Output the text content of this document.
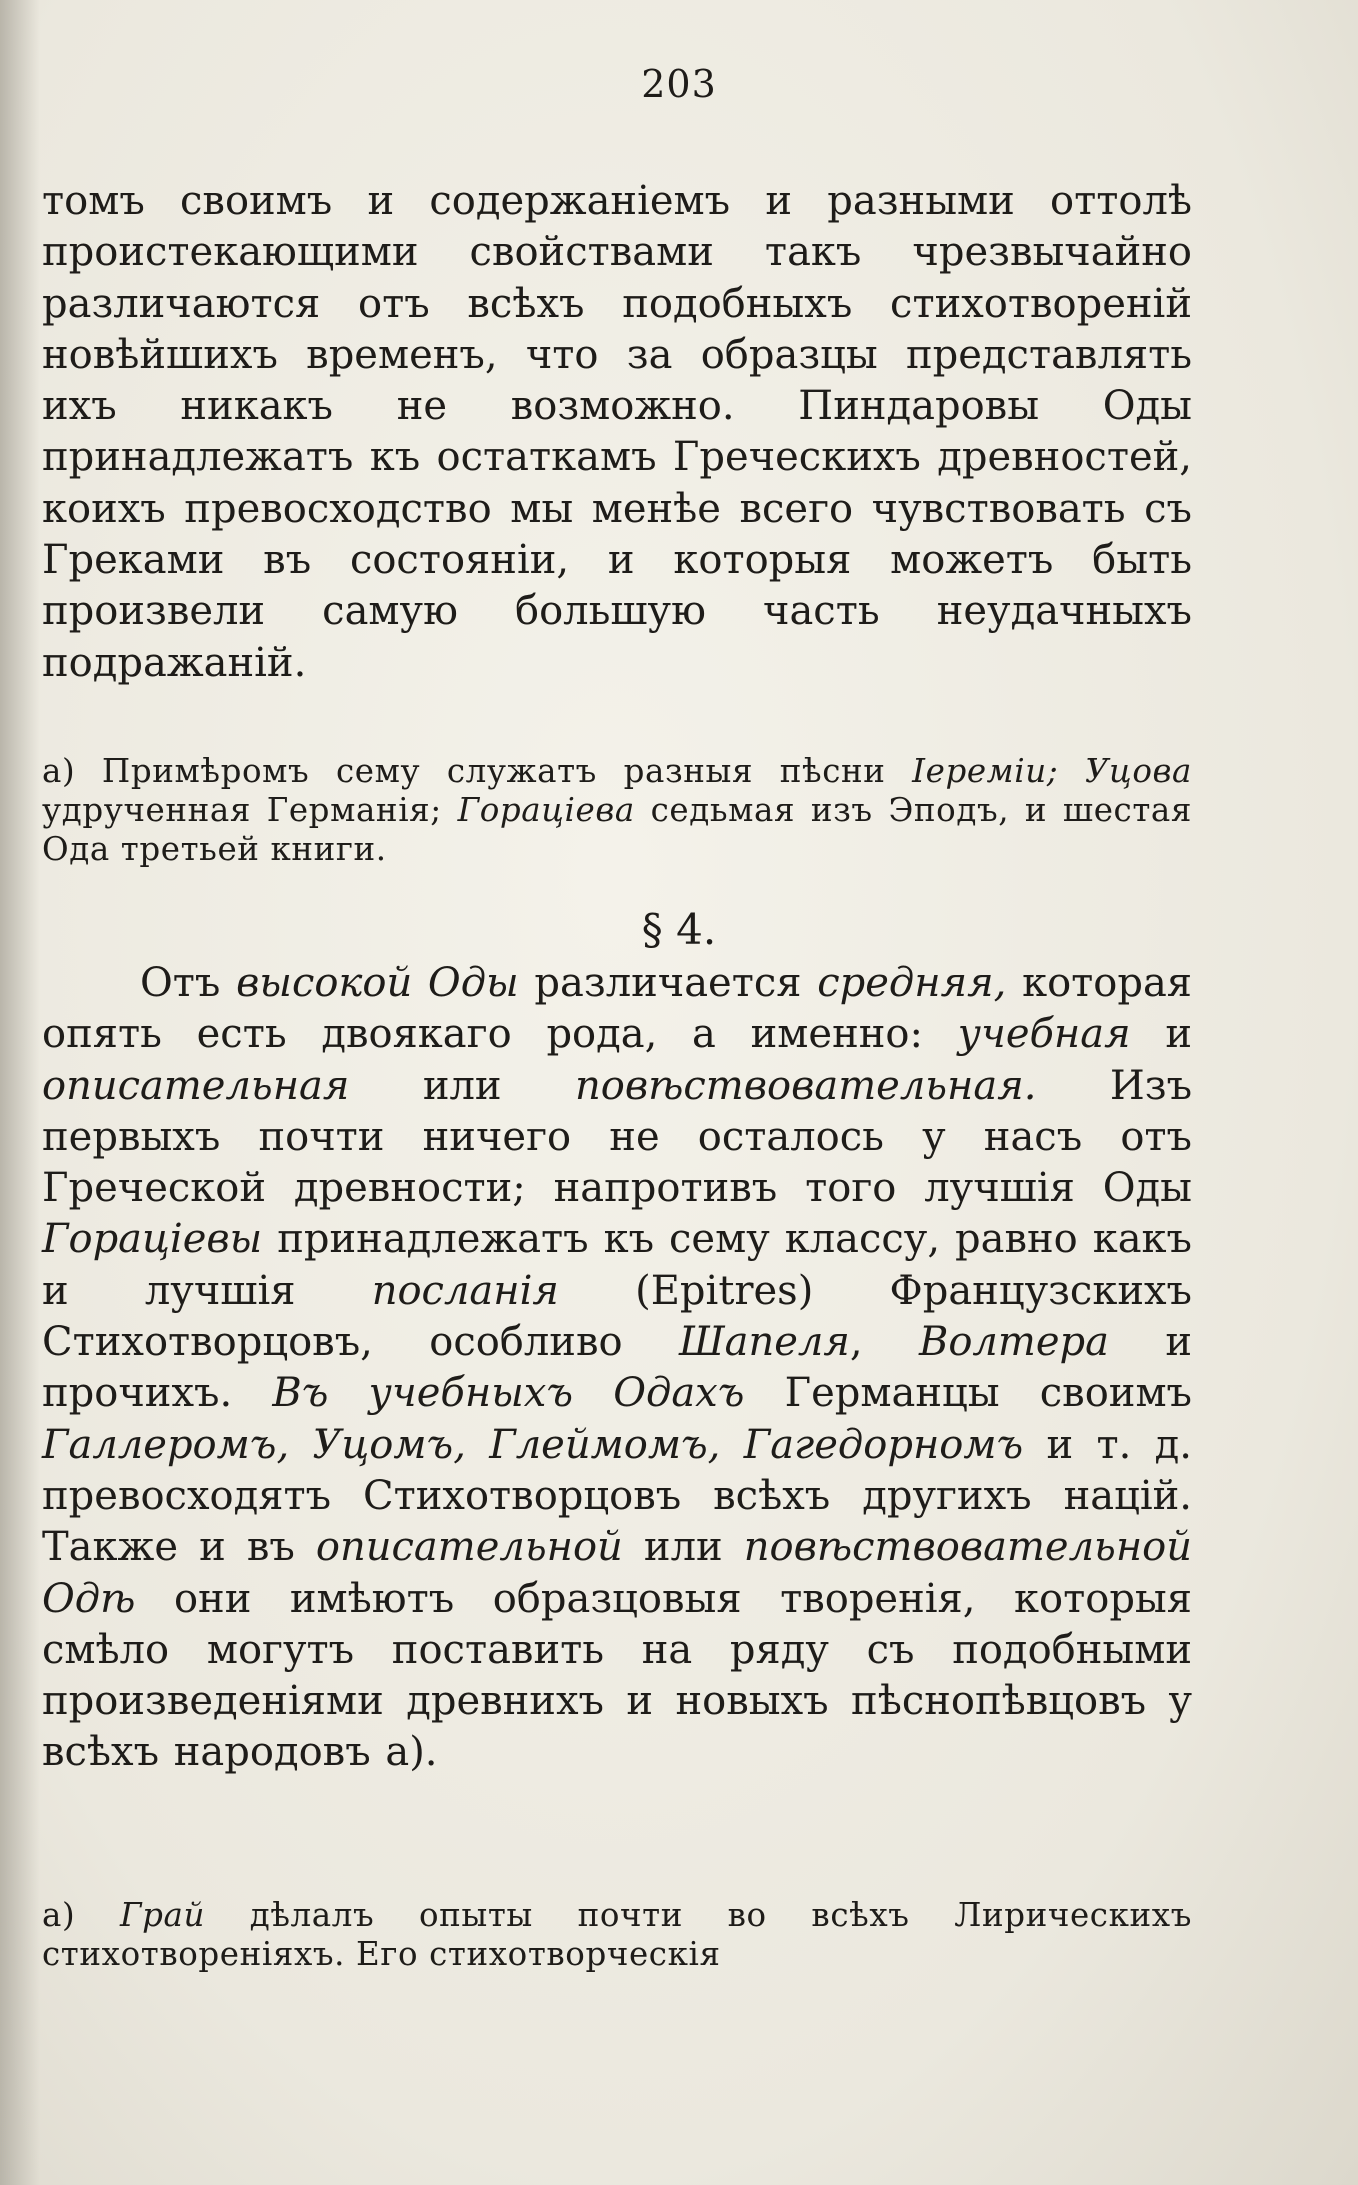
203

томъ своимъ и содержаніемъ и разными оттолѣ проистекающими свойствами такъ чрезвычайно различаются отъ всѣхъ подобныхъ стихотвореній новѣйшихъ временъ, что за образцы представлять ихъ никакъ не возможно. Пиндаровы Оды принадлежатъ къ остаткамъ Греческихъ древностей, коихъ превосходство мы менѣе всего чувствовать съ Греками въ состояніи, и которыя можетъ быть произвели самую большую часть неудачныхъ подражаній.

а) Примѣромъ сему служатъ разныя пѣсни Іереміи; Уцова удрученная Германія; Гораціева седьмая изъ Эподъ, и шестая Ода третьей книги.

§ 4.

Отъ высокой Оды различается средняя, которая опять есть двоякаго рода, а именно: учебная и описательная или повѣствовательная. Изъ первыхъ почти ничего не осталось у насъ отъ Греческой древности; напротивъ того лучшія Оды Гораціевы принадлежатъ къ сему классу, равно какъ и лучшія посланія (Epitres) Французскихъ Стихотворцовъ, особливо Шапеля, Волтера и прочихъ. Въ учебныхъ Одахъ Германцы своимъ Галлеромъ, Уцомъ, Глеймомъ, Гагедорномъ и т. д. превосходятъ Стихотворцовъ всѣхъ другихъ націй. Также и въ описательной или повѣствовательной Одѣ они имѣютъ образцовыя творенія, которыя смѣло могутъ поставить на ряду съ подобными произведеніями древнихъ и новыхъ пѣснопѣвцовъ у всѣхъ народовъ а).

а) Грай дѣлалъ опыты почти во всѣхъ Лирическихъ стихотвореніяхъ. Его стихотворческія
